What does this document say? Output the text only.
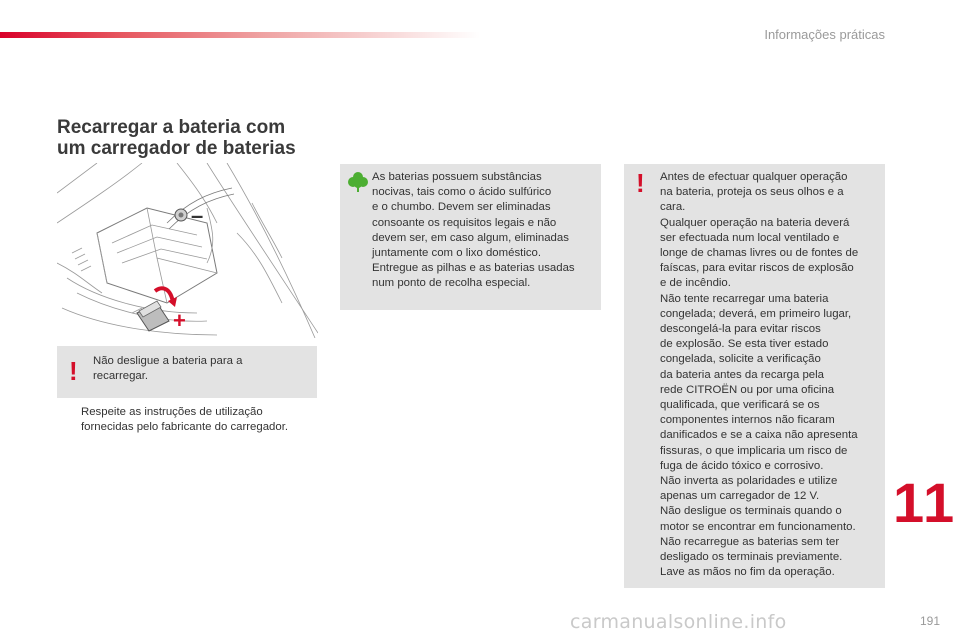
Informações práticas
Recarregar a bateria com
um carregador de baterias
–
+
! Não desligue a bateria para a
recarregar.
Respeite as instruções de utilização
fornecidas pelo fabricante do carregador.
As baterias possuem substâncias
nocivas, tais como o ácido sulfúrico
e o chumbo. Devem ser eliminadas
consoante os requisitos legais e não
devem ser, em caso algum, eliminadas
juntamente com o lixo doméstico.
Entregue as pilhas e as baterias usadas
num ponto de recolha especial.
! Antes de efectuar qualquer operação
na bateria, proteja os seus olhos e a
cara.
Qualquer operação na bateria deverá
ser efectuada num local ventilado e
longe de chamas livres ou de fontes de
faíscas, para evitar riscos de explosão
e de incêndio.
Não tente recarregar uma bateria
congelada; deverá, em primeiro lugar,
descongelá-la para evitar riscos
de explosão. Se esta tiver estado
congelada, solicite a verificação
da bateria antes da recarga pela
rede CITROËN ou por uma oficina
qualificada, que verificará se os
componentes internos não ficaram
danificados e se a caixa não apresenta
fissuras, o que implicaria um risco de
fuga de ácido tóxico e corrosivo.
Não inverta as polaridades e utilize
apenas um carregador de 12 V.
Não desligue os terminais quando o
motor se encontrar em funcionamento.
Não recarregue as baterias sem ter
desligado os terminais previamente.
Lave as mãos no fim da operação.
11
191
carmanualsonline.info
